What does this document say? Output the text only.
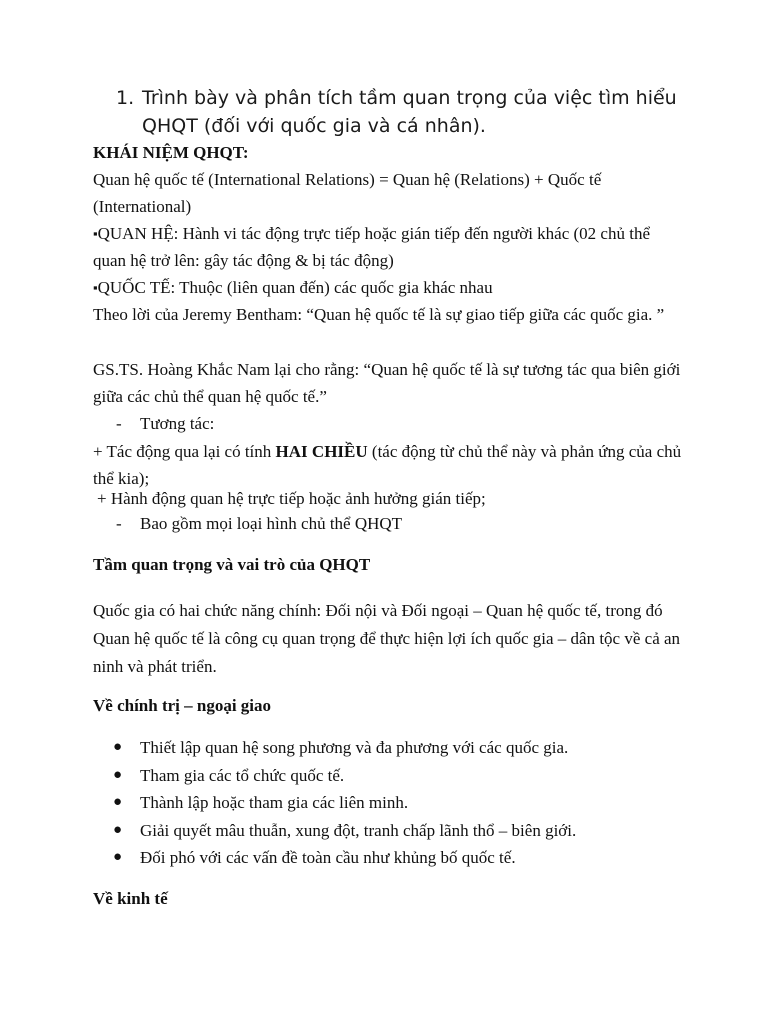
1. Trình bày và phân tích tầm quan trọng của việc tìm hiểu QHQT (đối với quốc gia và cá nhân).
KHÁI NIỆM QHQT:
Quan hệ quốc tế (International Relations) = Quan hệ (Relations) + Quốc tế (International)
▪QUAN HỆ: Hành vi tác động trực tiếp hoặc gián tiếp đến người khác (02 chủ thể quan hệ trở lên: gây tác động & bị tác động)
▪QUỐC TẾ: Thuộc (liên quan đến) các quốc gia khác nhau
Theo lời của Jeremy Bentham: “Quan hệ quốc tế là sự giao tiếp giữa các quốc gia. ”
GS.TS. Hoàng Khắc Nam lại cho rằng: “Quan hệ quốc tế là sự tương tác qua biên giới giữa các chủ thể quan hệ quốc tế.”
- Tương tác:
+ Tác động qua lại có tính HAI CHIỀU (tác động từ chủ thể này và phản ứng của chủ thể kia);
+ Hành động quan hệ trực tiếp hoặc ảnh hưởng gián tiếp;
- Bao gồm mọi loại hình chủ thể QHQT
Tầm quan trọng và vai trò của QHQT
Quốc gia có hai chức năng chính: Đối nội và Đối ngoại – Quan hệ quốc tế, trong đó Quan hệ quốc tế là công cụ quan trọng để thực hiện lợi ích quốc gia – dân tộc về cả an ninh và phát triển.
Về chính trị – ngoại giao
● Thiết lập quan hệ song phương và đa phương với các quốc gia.
● Tham gia các tổ chức quốc tế.
● Thành lập hoặc tham gia các liên minh.
● Giải quyết mâu thuẫn, xung đột, tranh chấp lãnh thổ – biên giới.
● Đối phó với các vấn đề toàn cầu như khủng bố quốc tế.
Về kinh tế
